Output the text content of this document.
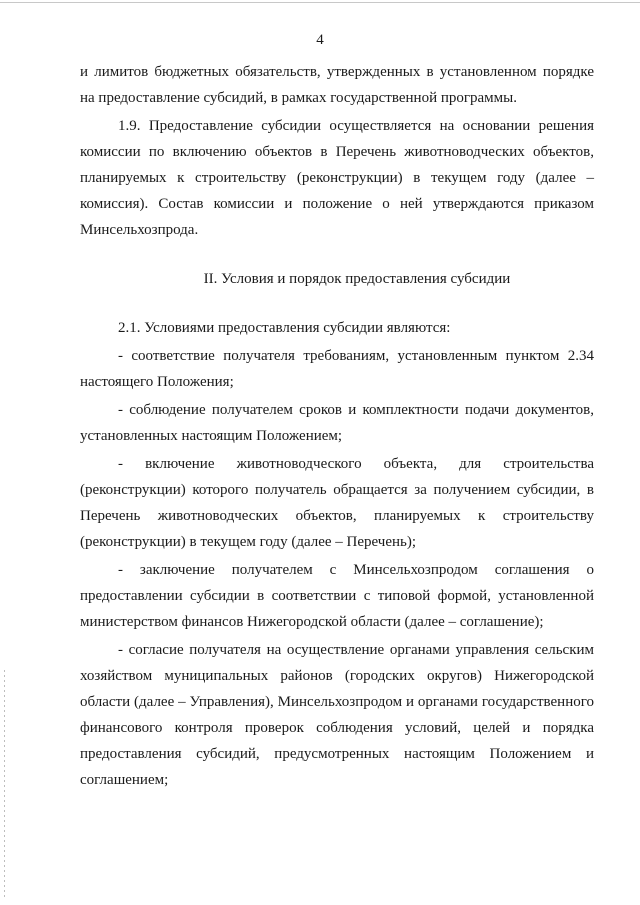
4

и лимитов бюджетных обязательств, утвержденных в установленном порядке на предоставление субсидий, в рамках государственной программы.

1.9. Предоставление субсидии осуществляется на основании решения комиссии по включению объектов в Перечень животноводческих объектов, планируемых к строительству (реконструкции) в текущем году (далее – комиссия). Состав комиссии и положение о ней утверждаются приказом Минсельхозпрода.

II. Условия и порядок предоставления субсидии

2.1. Условиями предоставления субсидии являются:

- соответствие получателя требованиям, установленным пунктом 2.34 настоящего Положения;

- соблюдение получателем сроков и комплектности подачи документов, установленных настоящим Положением;

- включение животноводческого объекта, для строительства (реконструкции) которого получатель обращается за получением субсидии, в Перечень животноводческих объектов, планируемых к строительству (реконструкции) в текущем году (далее – Перечень);

- заключение получателем с Минсельхозпродом соглашения о предоставлении субсидии в соответствии с типовой формой, установленной министерством финансов Нижегородской области (далее – соглашение);

- согласие получателя на осуществление органами управления сельским хозяйством муниципальных районов (городских округов) Нижегородской области (далее – Управления), Минсельхозпродом и органами государственного финансового контроля проверок соблюдения условий, целей и порядка предоставления субсидий, предусмотренных настоящим Положением и соглашением;
